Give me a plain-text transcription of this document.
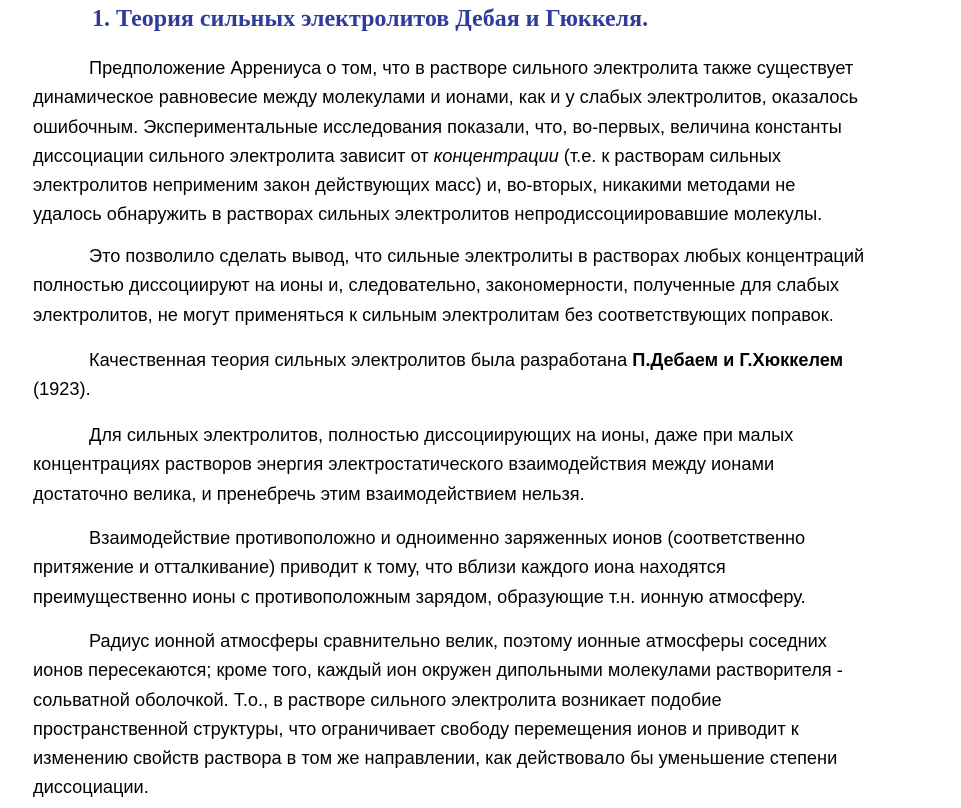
1. Теория сильных электролитов Дебая и Гюккеля.
Предположение Аррениуса о том, что в растворе сильного электролита также существует
динамическое равновесие между молекулами и ионами, как и у слабых электролитов, оказалось
ошибочным. Экспериментальные исследования показали, что, во-первых, величина константы
диссоциации сильного электролита зависит от концентрации (т.е. к растворам сильных
электролитов неприменим закон действующих масс) и, во-вторых, никакими методами не
удалось обнаружить в растворах сильных электролитов непродиссоциировавшие молекулы.
Это позволило сделать вывод, что сильные электролиты в растворах любых концентраций
полностью диссоциируют на ионы и, следовательно, закономерности, полученные для слабых
электролитов, не могут применяться к сильным электролитам без соответствующих поправок.
Качественная теория сильных электролитов была разработана П.Дебаем и Г.Хюккелем
(1923).
Для сильных электролитов, полностью диссоциирующих на ионы, даже при малых
концентрациях растворов энергия электростатического взаимодействия между ионами
достаточно велика, и пренебречь этим взаимодействием нельзя.
Взаимодействие противоположно и одноименно заряженных ионов (соответственно
притяжение и отталкивание) приводит к тому, что вблизи каждого иона находятся
преимущественно ионы с противоположным зарядом, образующие т.н. ионную атмосферу.
Радиус ионной атмосферы сравнительно велик, поэтому ионные атмосферы соседних
ионов пересекаются; кроме того, каждый ион окружен дипольными молекулами растворителя -
сольватной оболочкой. Т.о., в растворе сильного электролита возникает подобие
пространственной структуры, что ограничивает свободу перемещения ионов и приводит к
изменению свойств раствора в том же направлении, как действовало бы уменьшение степени
диссоциации.
